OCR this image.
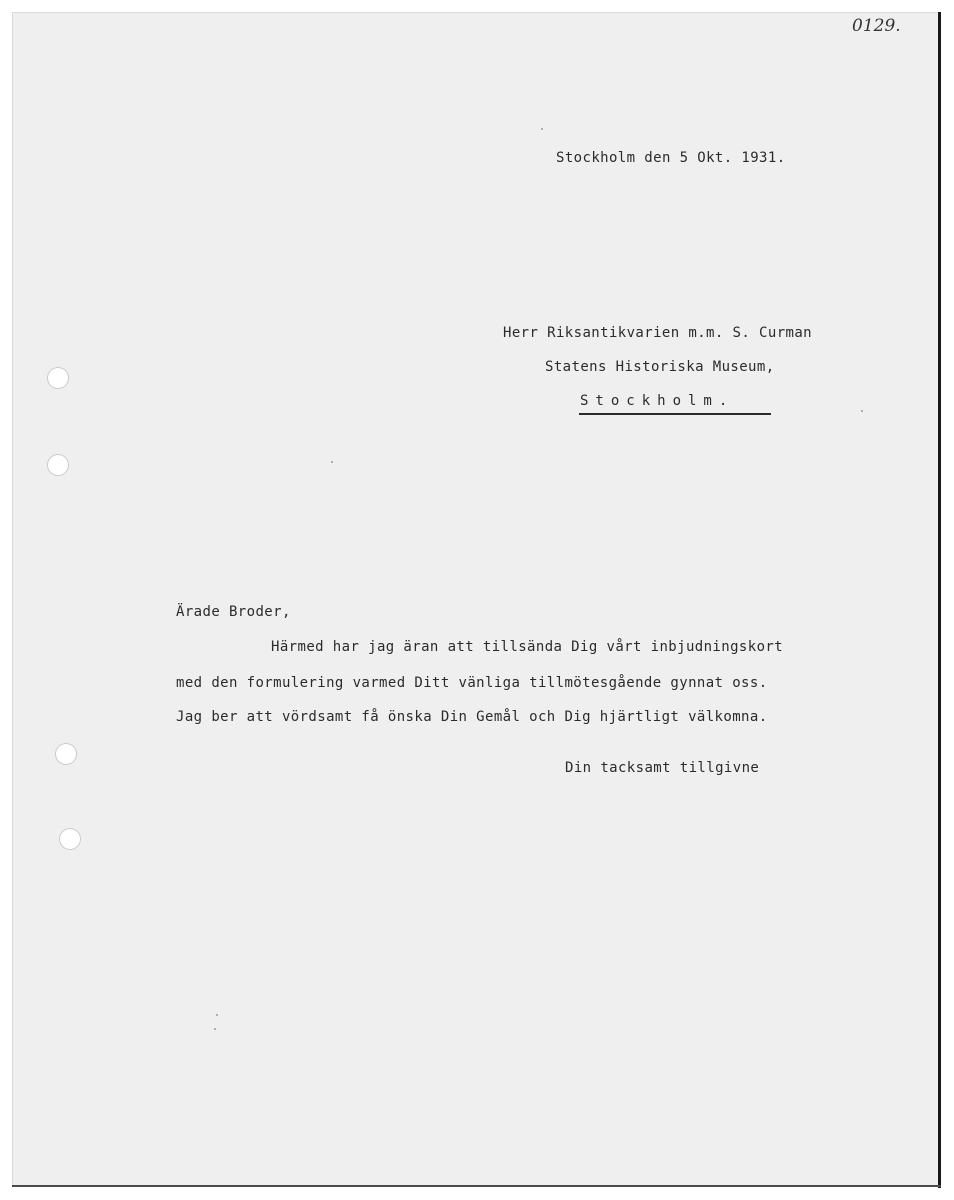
0129.
Stockholm den 5 Okt. 1931.
Herr Riksantikvarien m.m. S. Curman
Statens Historiska Museum,
Stockholm.
Ärade Broder,
Härmed har jag äran att tillsända Dig vårt inbjudningskort
med den formulering varmed Ditt vänliga tillmötesgående gynnat oss.
Jag ber att vördsamt få önska Din Gemål och Dig hjärtligt välkomna.
Din tacksamt tillgivne
